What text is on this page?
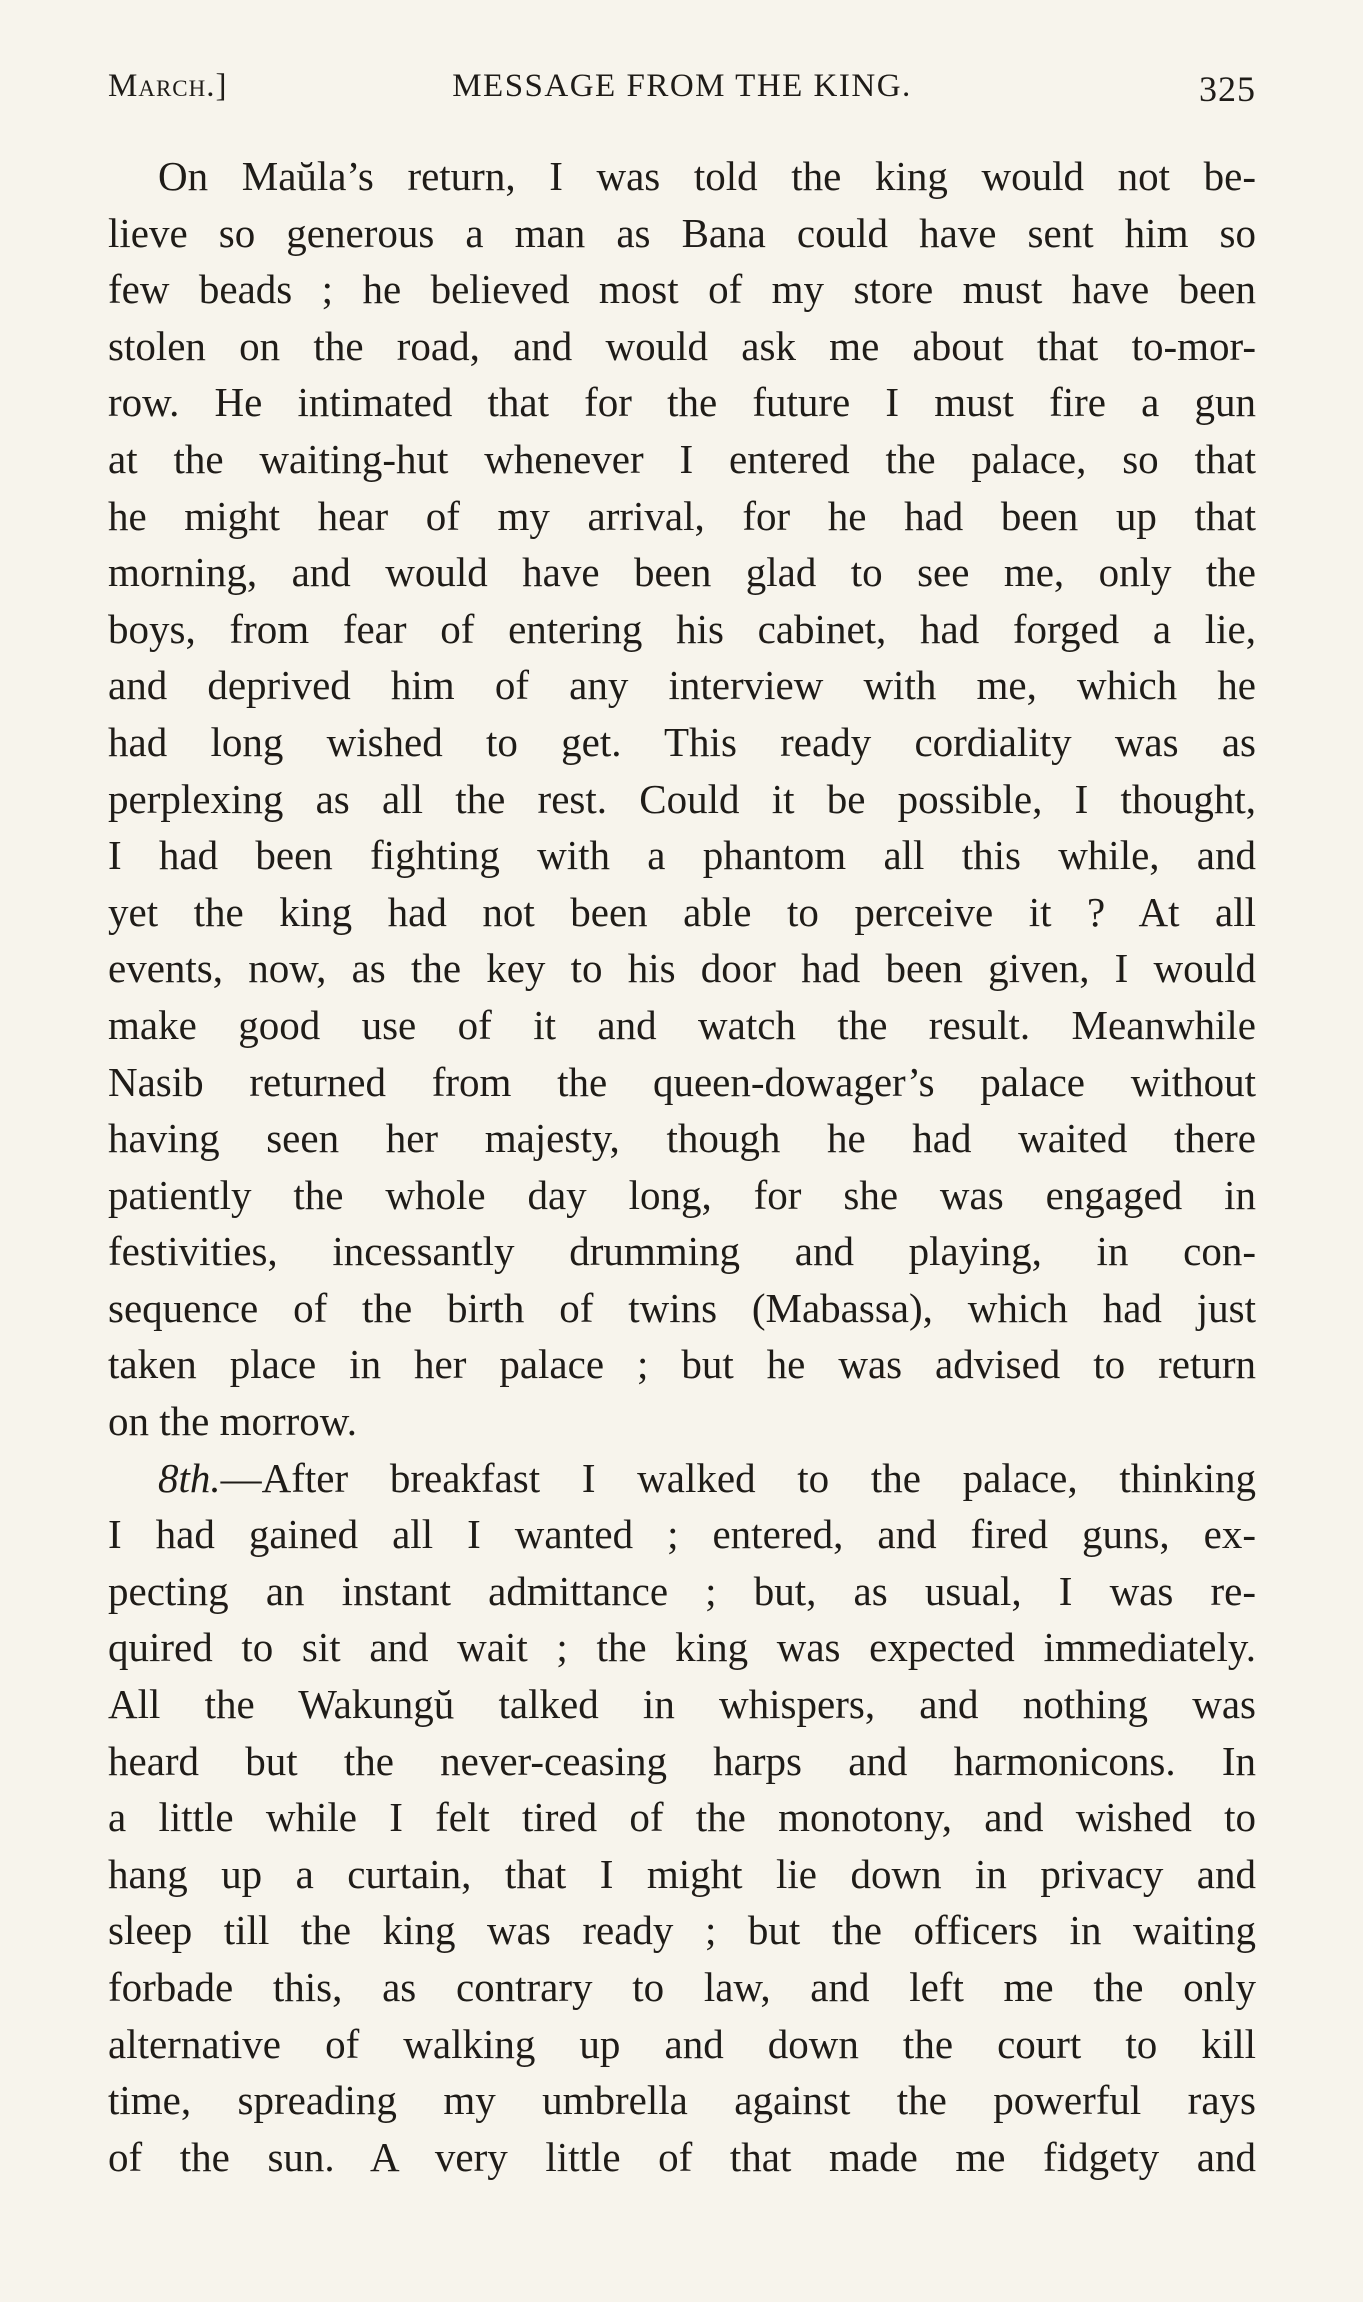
March.]	MESSAGE FROM THE KING.	325
On Maŭla’s return, I was told the king would not be-
lieve so generous a man as Bana could have sent him so
few beads ; he believed most of my store must have been
stolen on the road, and would ask me about that to-mor-
row. He intimated that for the future I must fire a gun
at the waiting-hut whenever I entered the palace, so that
he might hear of my arrival, for he had been up that
morning, and would have been glad to see me, only the
boys, from fear of entering his cabinet, had forged a lie,
and deprived him of any interview with me, which he
had long wished to get. This ready cordiality was as
perplexing as all the rest. Could it be possible, I thought,
I had been fighting with a phantom all this while, and
yet the king had not been able to perceive it ? At all
events, now, as the key to his door had been given, I would
make good use of it and watch the result. Meanwhile
Nasib returned from the queen-dowager’s palace without
having seen her majesty, though he had waited there
patiently the whole day long, for she was engaged in
festivities, incessantly drumming and playing, in con-
sequence of the birth of twins (Mabassa), which had just
taken place in her palace ; but he was advised to return
on the morrow.
8th.—After breakfast I walked to the palace, thinking
I had gained all I wanted ; entered, and fired guns, ex-
pecting an instant admittance ; but, as usual, I was re-
quired to sit and wait ; the king was expected immediately.
All the Wakungŭ talked in whispers, and nothing was
heard but the never-ceasing harps and harmonicons. In
a little while I felt tired of the monotony, and wished to
hang up a curtain, that I might lie down in privacy and
sleep till the king was ready ; but the officers in waiting
forbade this, as contrary to law, and left me the only
alternative of walking up and down the court to kill
time, spreading my umbrella against the powerful rays
of the sun. A very little of that made me fidgety and
